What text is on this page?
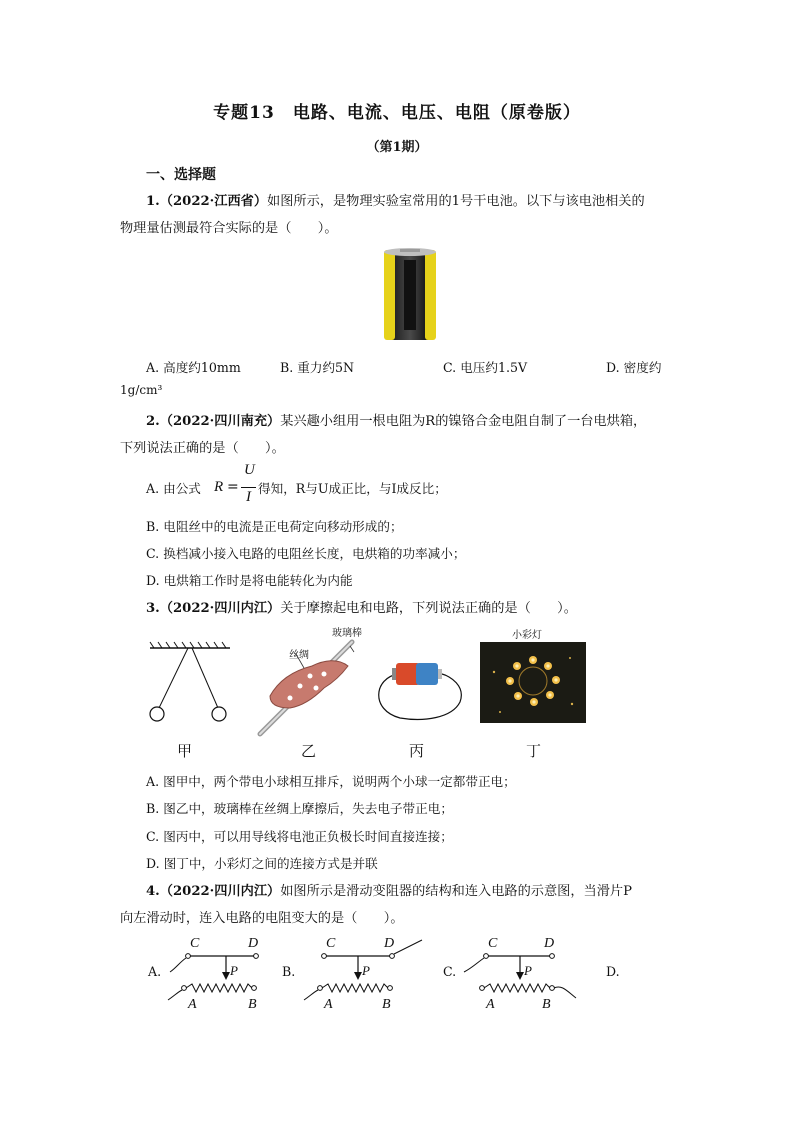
专题13　电路、电流、电压、电阻（原卷版）
（第1期）
一、选择题
1.（2022·江西省）如图所示，是物理实验室常用的1号干电池。以下与该电池相关的
物理量估测最符合实际的是（　　）。
A. 高度约10mm	B. 重力约5N	C. 电压约1.5V	D. 密度约
1g/cm³
2.（2022·四川南充）某兴趣小组用一根电阻为R的镍铬合金电阻自制了一台电烘箱，
下列说法正确的是（　　）。
A. 由公式 R =
U
I
得知，R与U成正比，与I成反比；
B. 电阻丝中的电流是正电荷定向移动形成的；
C. 换档减小接入电路的电阻丝长度，电烘箱的功率减小；
D. 电烘箱工作时是将电能转化为内能
3.（2022·四川内江）关于摩擦起电和电路，下列说法正确的是（　　）。
玻璃棒
丝绸
小彩灯
甲	乙	丙	丁
A. 图甲中，两个带电小球相互排斥，说明两个小球一定都带正电；
B. 图乙中，玻璃棒在丝绸上摩擦后，失去电子带正电；
C. 图丙中，可以用导线将电池正负极长时间直接连接；
D. 图丁中，小彩灯之间的连接方式是并联
4.（2022·四川内江）如图所示是滑动变阻器的结构和连入电路的示意图，当滑片P
向左滑动时，连入电路的电阻变大的是（　　）。
A.
C	D
P
A	B
B.
C	D
P
A	B
C.
C	D
P
A	B
D.
